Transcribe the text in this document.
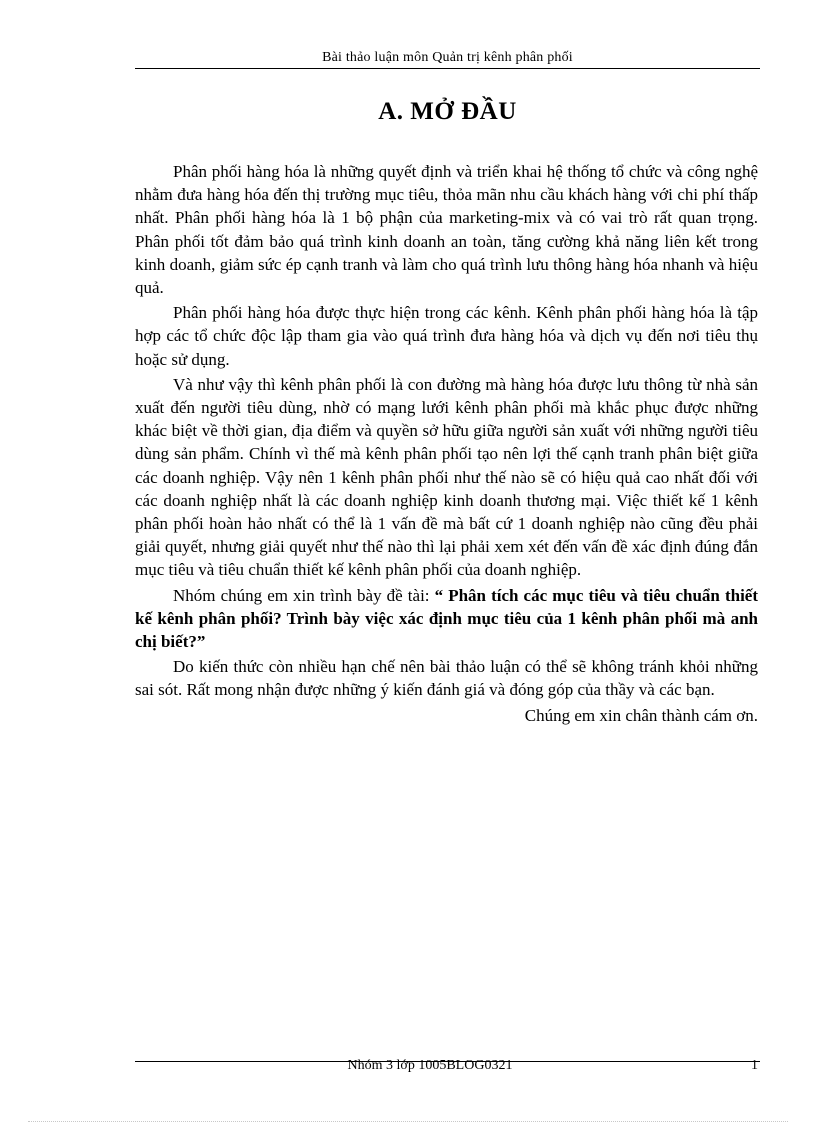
Bài thảo luận môn Quản trị kênh phân phối
A. MỞ ĐẦU

Phân phối hàng hóa là những quyết định và triển khai hệ thống tổ chức và công nghệ nhằm đưa hàng hóa đến thị trường mục tiêu, thỏa mãn nhu cầu khách hàng với chi phí thấp nhất. Phân phối hàng hóa là 1 bộ phận của marketing-mix và có vai trò rất quan trọng. Phân phối tốt đảm bảo quá trình kinh doanh an toàn, tăng cường khả năng liên kết trong kinh doanh, giảm sức ép cạnh tranh và làm cho quá trình lưu thông hàng hóa nhanh và hiệu quả.

Phân phối hàng hóa được thực hiện trong các kênh. Kênh phân phối hàng hóa là tập hợp các tổ chức độc lập tham gia vào quá trình đưa hàng hóa và dịch vụ đến nơi tiêu thụ hoặc sử dụng.

Và như vậy thì kênh phân phối là con đường mà hàng hóa được lưu thông từ nhà sản xuất đến người tiêu dùng, nhờ có mạng lưới kênh phân phối mà khắc phục được những khác biệt về thời gian, địa điểm và quyền sở hữu giữa người sản xuất với những người tiêu dùng sản phẩm. Chính vì thế mà kênh phân phối tạo nên lợi thế cạnh tranh phân biệt giữa các doanh nghiệp. Vậy nên 1 kênh phân phối như thế nào sẽ có hiệu quả cao nhất đối với các doanh nghiệp nhất là các doanh nghiệp kinh doanh thương mại. Việc thiết kế 1 kênh phân phối hoàn hảo nhất có thể là 1 vấn đề mà bất cứ 1 doanh nghiệp nào cũng đều phải giải quyết, nhưng giải quyết như thế nào thì lại phải xem xét đến vấn đề xác định đúng đắn mục tiêu và tiêu chuẩn thiết kế kênh phân phối của doanh nghiệp.

Nhóm chúng em xin trình bày đề tài: “ Phân tích các mục tiêu và tiêu chuẩn thiết kế kênh phân phối? Trình bày việc xác định mục tiêu của 1 kênh phân phối mà anh chị biết?”

Do kiến thức còn nhiều hạn chế nên bài thảo luận có thể sẽ không tránh khỏi những sai sót. Rất mong nhận được những ý kiến đánh giá và đóng góp của thầy và các bạn.

Chúng em xin chân thành cám ơn.

Nhóm 3 lớp 1005BLOG0321	1
